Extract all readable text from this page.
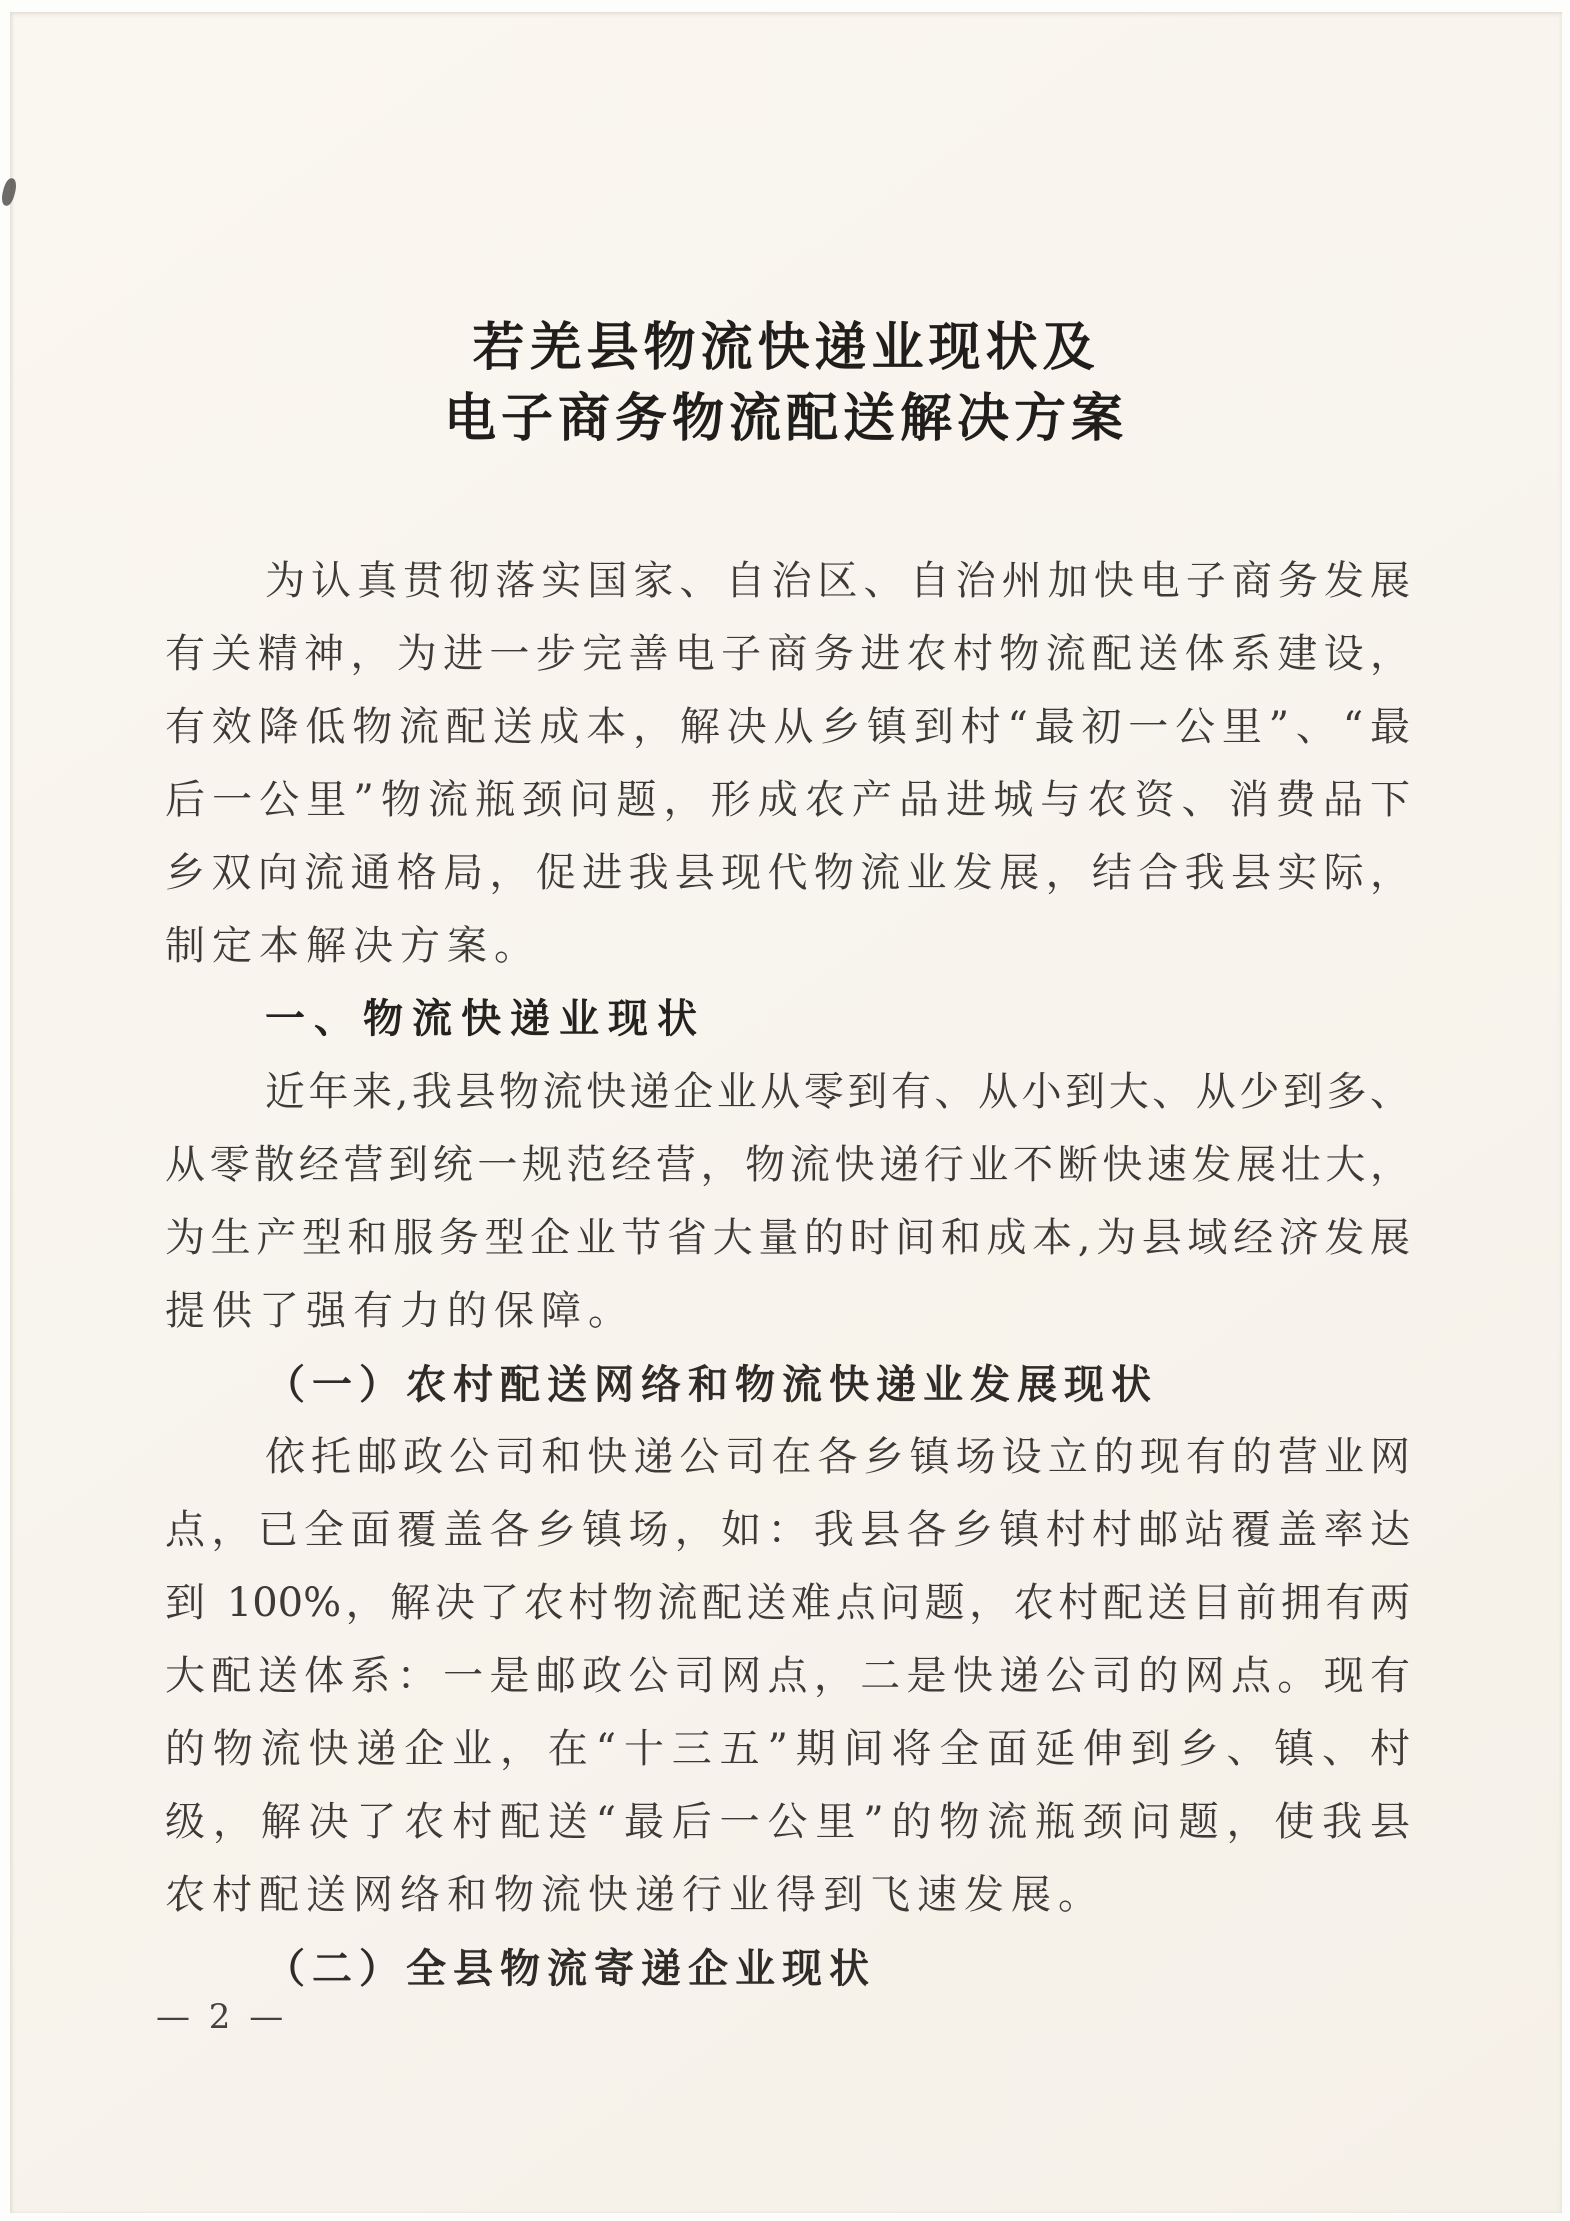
若羌县物流快递业现状及
电子商务物流配送解决方案
为认真贯彻落实国家、自治区、自治州加快电子商务发展
有关精神，为进一步完善电子商务进农村物流配送体系建设，
有效降低物流配送成本，解决从乡镇到村“最初一公里”、“最
后一公里”物流瓶颈问题，形成农产品进城与农资、消费品下
乡双向流通格局，促进我县现代物流业发展，结合我县实际，
制定本解决方案。
一、物流快递业现状
近年来,我县物流快递企业从零到有、从小到大、从少到多、
从零散经营到统一规范经营，物流快递行业不断快速发展壮大，
为生产型和服务型企业节省大量的时间和成本,为县域经济发展
提供了强有力的保障。
（一）农村配送网络和物流快递业发展现状
依托邮政公司和快递公司在各乡镇场设立的现有的营业网
点，已全面覆盖各乡镇场，如：我县各乡镇村村邮站覆盖率达
到 100%，解决了农村物流配送难点问题，农村配送目前拥有两
大配送体系：一是邮政公司网点，二是快递公司的网点。现有
的物流快递企业，在“十三五”期间将全面延伸到乡、镇、村
级，解决了农村配送“最后一公里”的物流瓶颈问题，使我县
农村配送网络和物流快递行业得到飞速发展。
（二）全县物流寄递企业现状
— 2 —
